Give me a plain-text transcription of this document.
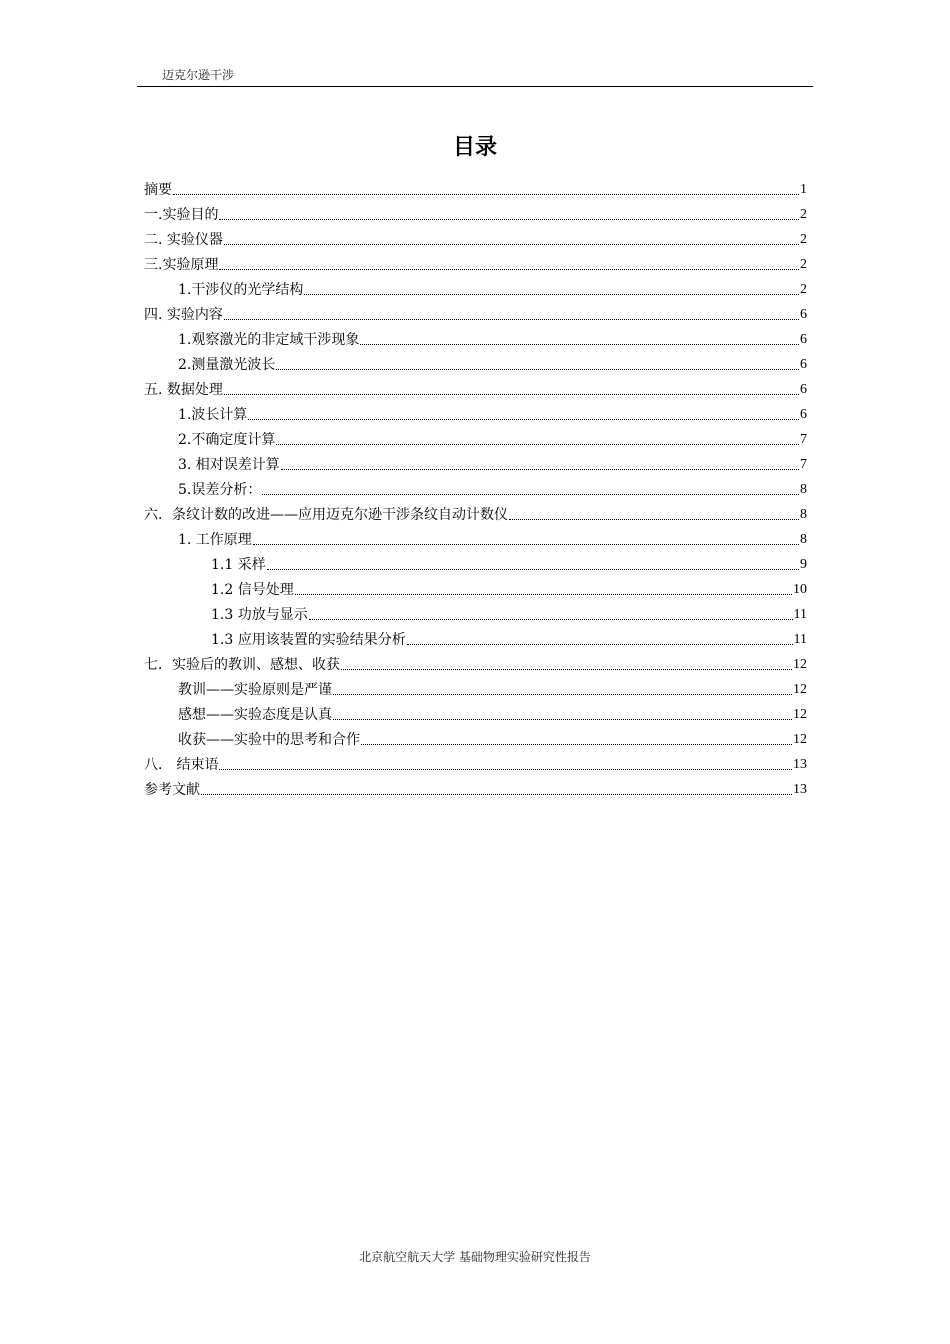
迈克尔逊干涉
目录
摘要	1
一.实验目的	2
二. 实验仪器	2
三.实验原理	2
1.干涉仪的光学结构	2
四. 实验内容	6
1.观察激光的非定域干涉现象	6
2.测量激光波长	6
五. 数据处理	6
1.波长计算	6
2.不确定度计算	7
3. 相对误差计算	7
5.误差分析：	8
六．条纹计数的改进——应用迈克尔逊干涉条纹自动计数仪	8
1. 工作原理	8
1.1 采样	9
1.2 信号处理	10
1.3 功放与显示	11
1.3 应用该装置的实验结果分析	11
七．实验后的教训、感想、收获	12
教训——实验原则是严谨	12
感想——实验态度是认真	12
收获——实验中的思考和合作	12
八． 结束语	13
参考文献	13
北京航空航天大学 基础物理实验研究性报告
